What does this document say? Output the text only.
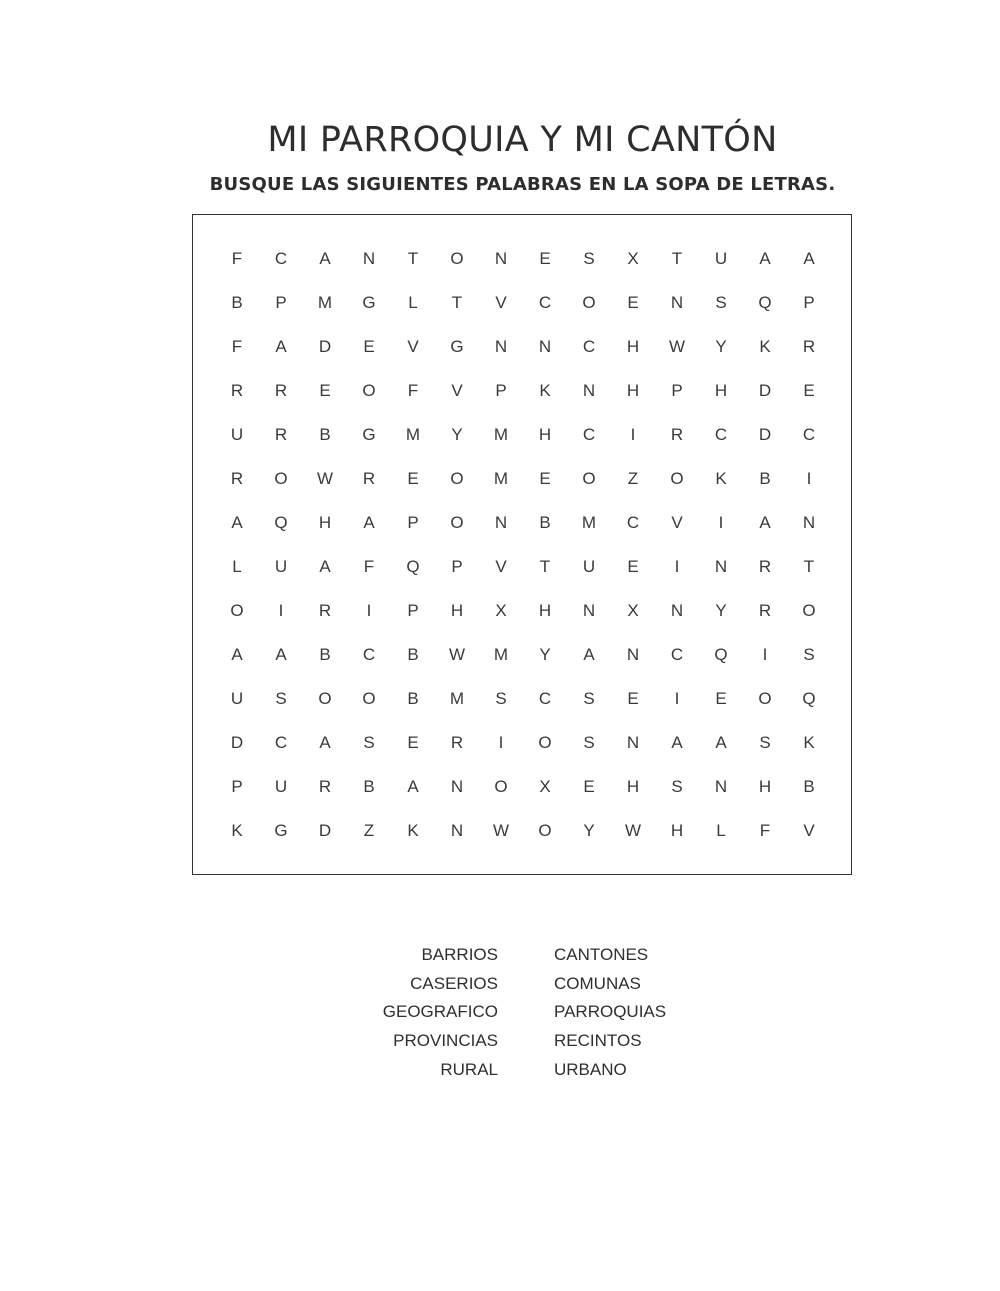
MI PARROQUIA Y MI CANTÓN
BUSQUE LAS SIGUIENTES PALABRAS EN LA SOPA DE LETRAS.
F	C	A	N	T	O	N	E	S	X	T	U	A	A
B	P	M	G	L	T	V	C	O	E	N	S	Q	P
F	A	D	E	V	G	N	N	C	H	W	Y	K	R
R	R	E	O	F	V	P	K	N	H	P	H	D	E
U	R	B	G	M	Y	M	H	C	I	R	C	D	C
R	O	W	R	E	O	M	E	O	Z	O	K	B	I
A	Q	H	A	P	O	N	B	M	C	V	I	A	N
L	U	A	F	Q	P	V	T	U	E	I	N	R	T
O	I	R	I	P	H	X	H	N	X	N	Y	R	O
A	A	B	C	B	W	M	Y	A	N	C	Q	I	S
U	S	O	O	B	M	S	C	S	E	I	E	O	Q
D	C	A	S	E	R	I	O	S	N	A	A	S	K
P	U	R	B	A	N	O	X	E	H	S	N	H	B
K	G	D	Z	K	N	W	O	Y	W	H	L	F	V
BARRIOS
CASERIOS
GEOGRAFICO
PROVINCIAS
RURAL
CANTONES
COMUNAS
PARROQUIAS
RECINTOS
URBANO
